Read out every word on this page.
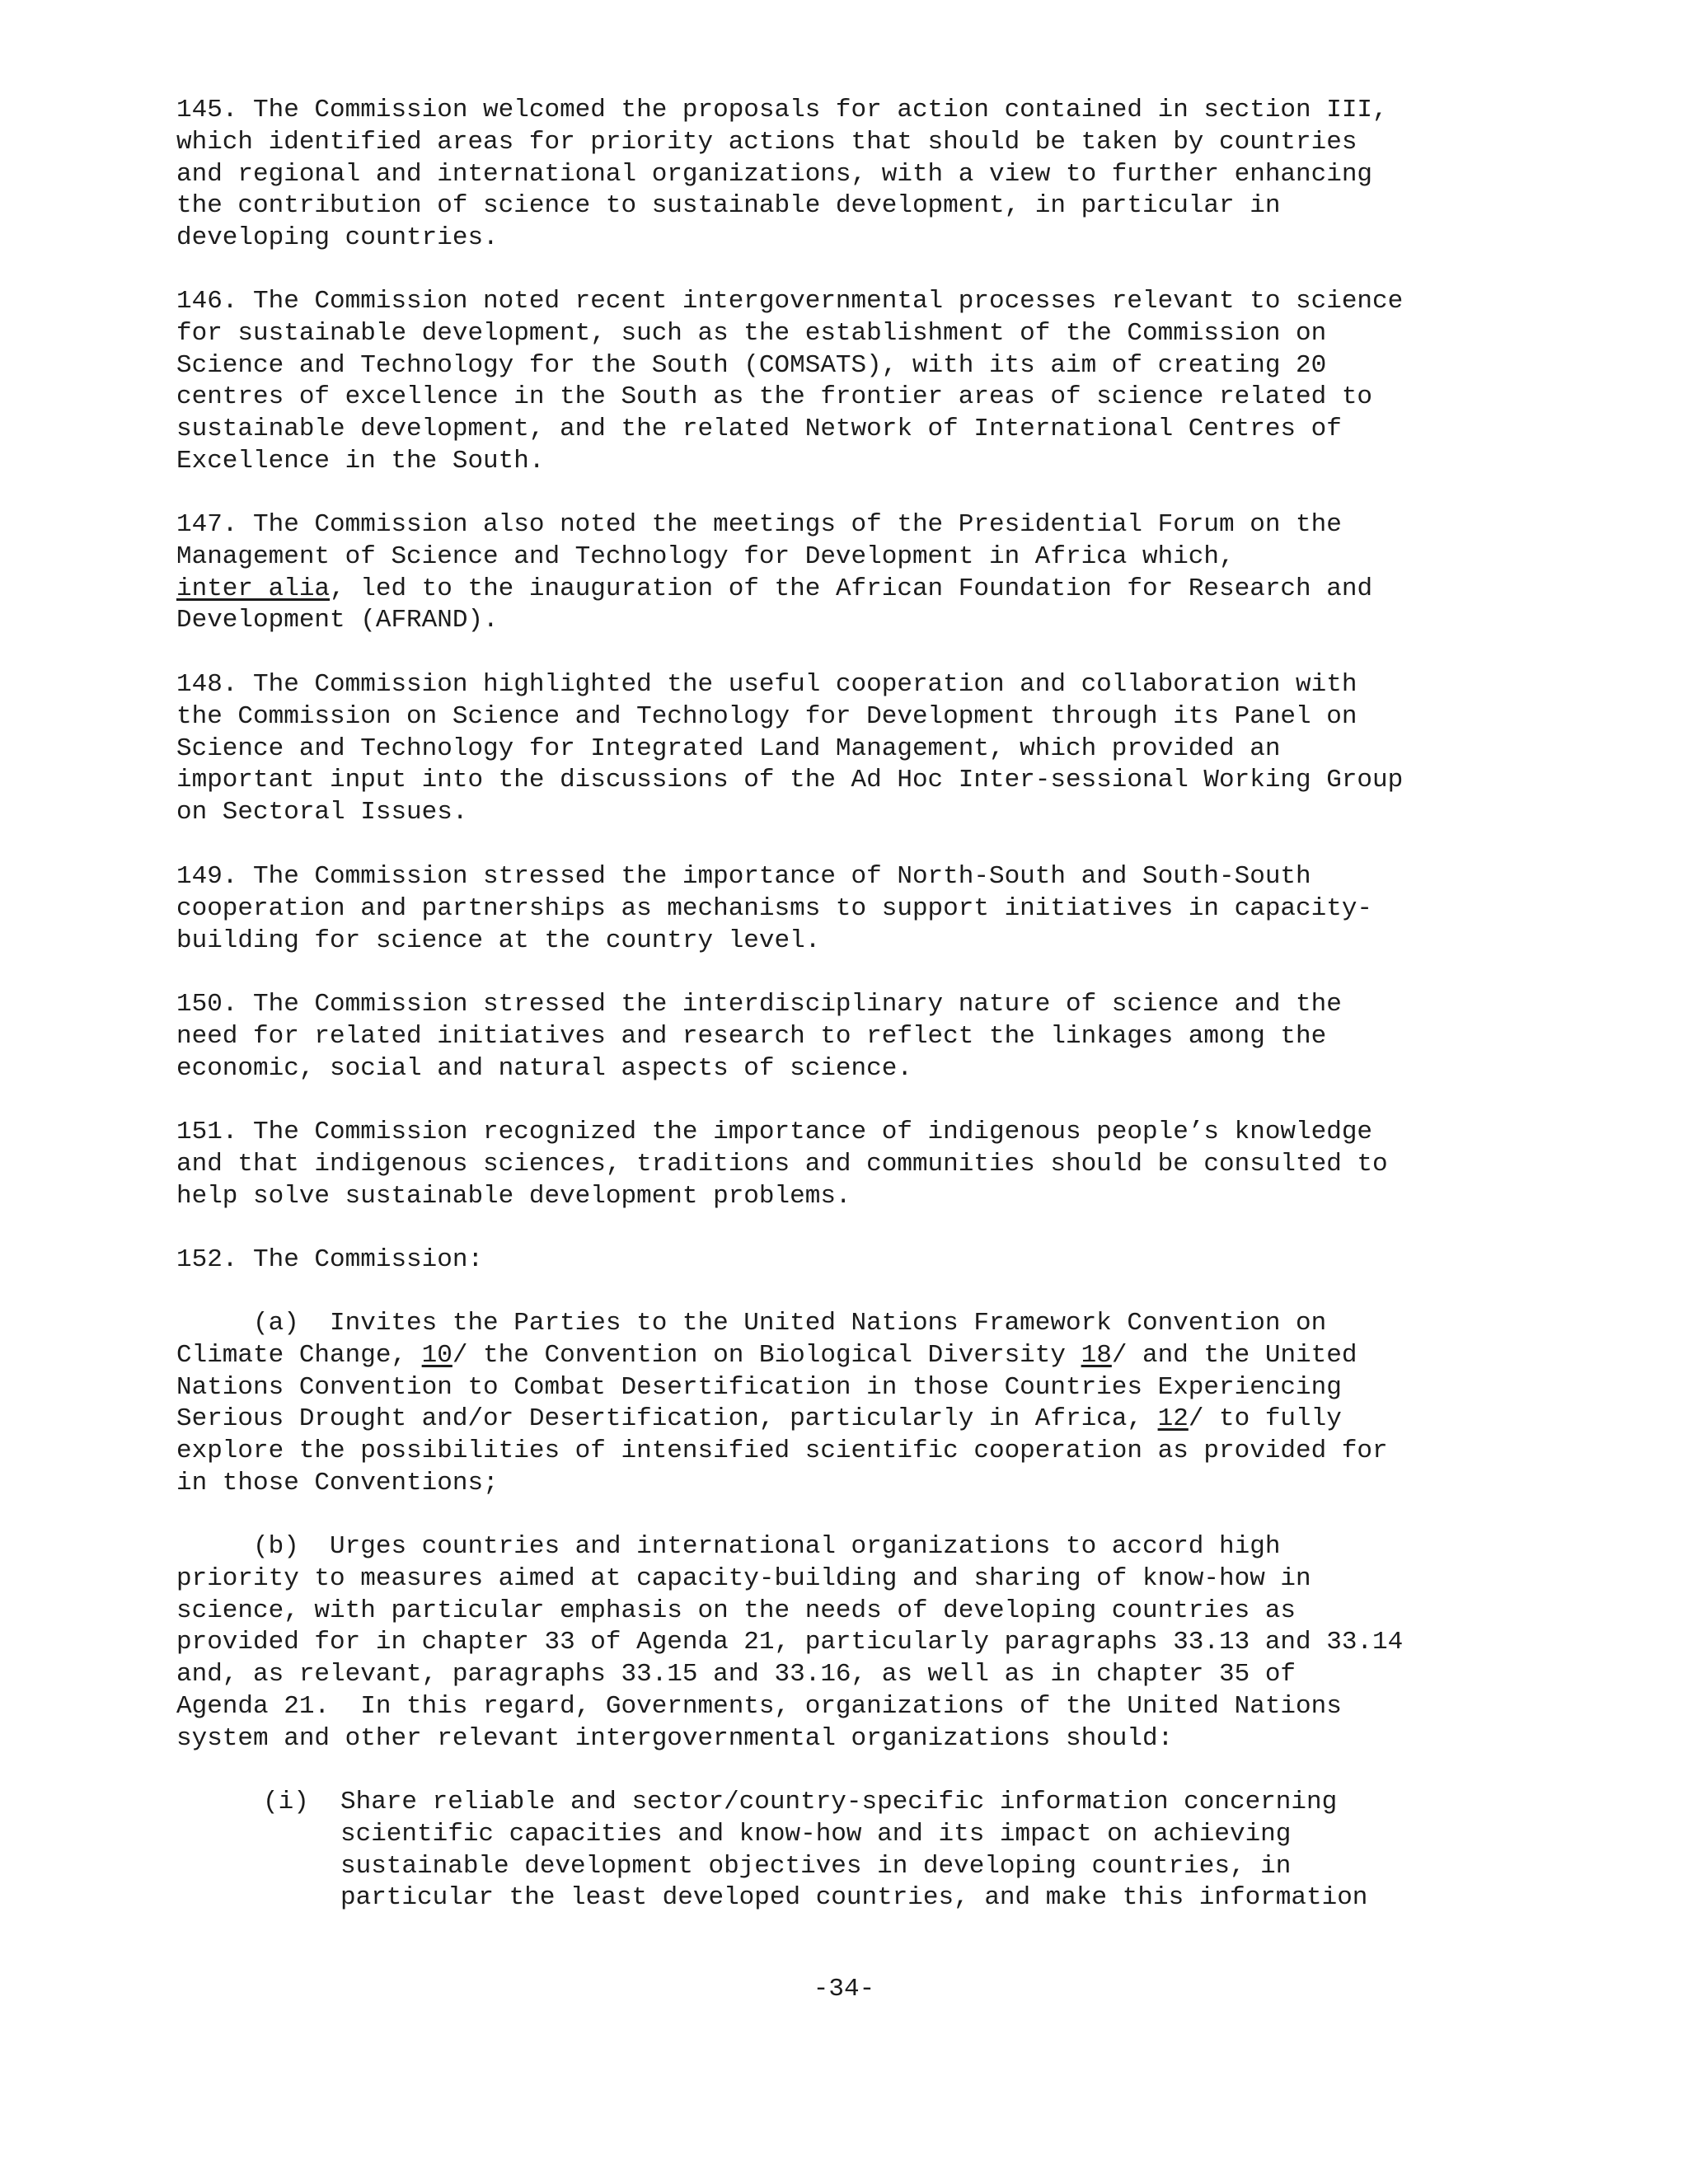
145. The Commission welcomed the proposals for action contained in section III,
which identified areas for priority actions that should be taken by countries
and regional and international organizations, with a view to further enhancing
the contribution of science to sustainable development, in particular in
developing countries.
146. The Commission noted recent intergovernmental processes relevant to science
for sustainable development, such as the establishment of the Commission on
Science and Technology for the South (COMSATS), with its aim of creating 20
centres of excellence in the South as the frontier areas of science related to
sustainable development, and the related Network of International Centres of
Excellence in the South.
147. The Commission also noted the meetings of the Presidential Forum on the
Management of Science and Technology for Development in Africa which,
inter alia, led to the inauguration of the African Foundation for Research and
Development (AFRAND).
148. The Commission highlighted the useful cooperation and collaboration with
the Commission on Science and Technology for Development through its Panel on
Science and Technology for Integrated Land Management, which provided an
important input into the discussions of the Ad Hoc Inter-sessional Working Group
on Sectoral Issues.
149. The Commission stressed the importance of North-South and South-South
cooperation and partnerships as mechanisms to support initiatives in capacity-
building for science at the country level.
150. The Commission stressed the interdisciplinary nature of science and the
need for related initiatives and research to reflect the linkages among the
economic, social and natural aspects of science.
151. The Commission recognized the importance of indigenous people’s knowledge
and that indigenous sciences, traditions and communities should be consulted to
help solve sustainable development problems.
152. The Commission:
(a)  Invites the Parties to the United Nations Framework Convention on
Climate Change, 10/ the Convention on Biological Diversity 18/ and the United
Nations Convention to Combat Desertification in those Countries Experiencing
Serious Drought and/or Desertification, particularly in Africa, 12/ to fully
explore the possibilities of intensified scientific cooperation as provided for
in those Conventions;
(b)  Urges countries and international organizations to accord high
priority to measures aimed at capacity-building and sharing of know-how in
science, with particular emphasis on the needs of developing countries as
provided for in chapter 33 of Agenda 21, particularly paragraphs 33.13 and 33.14
and, as relevant, paragraphs 33.15 and 33.16, as well as in chapter 35 of
Agenda 21.  In this regard, Governments, organizations of the United Nations
system and other relevant intergovernmental organizations should:
(i) Share reliable and sector/country-specific information concerning
scientific capacities and know-how and its impact on achieving
sustainable development objectives in developing countries, in
particular the least developed countries, and make this information
-34-
